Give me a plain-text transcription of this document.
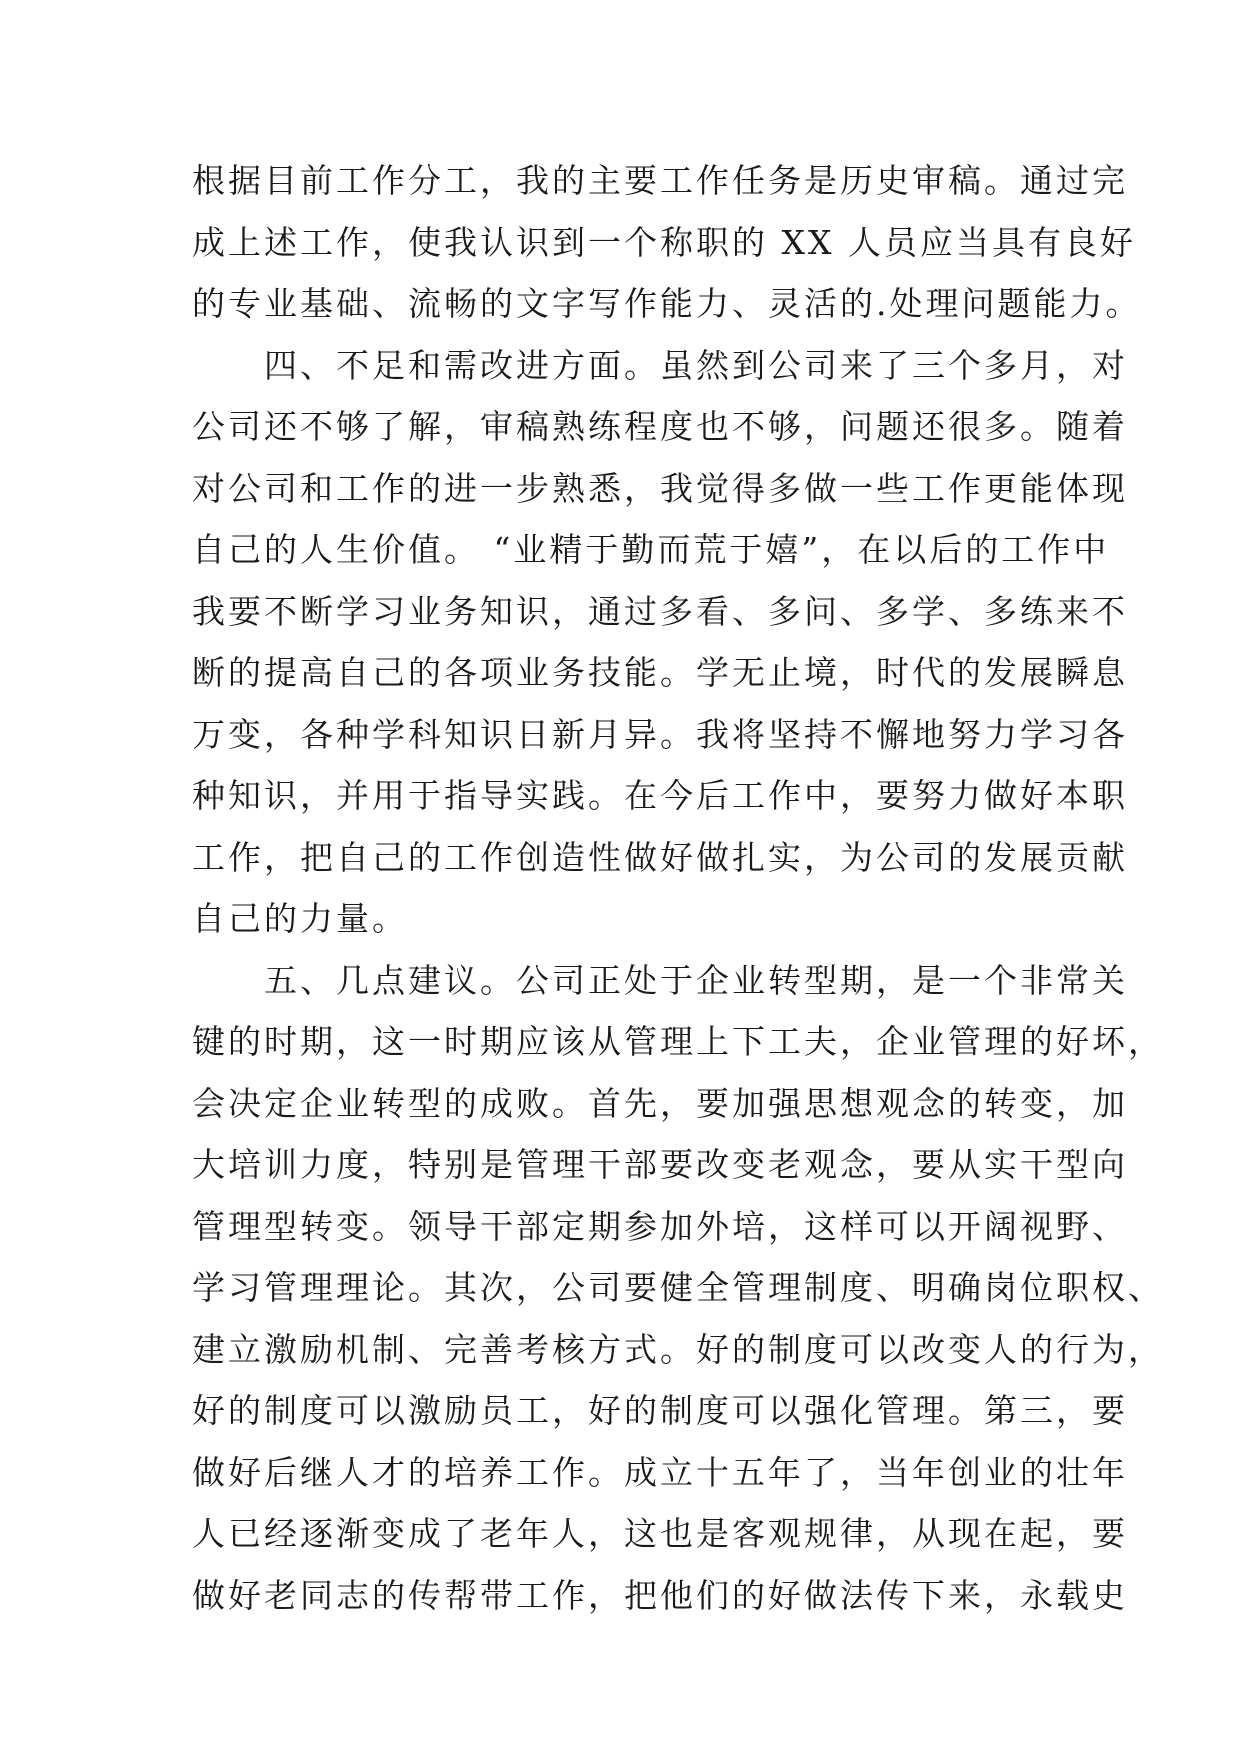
根据目前工作分工，我的主要工作任务是历史审稿。通过完
成上述工作，使我认识到一个称职的 XX 人员应当具有良好
的专业基础、流畅的文字写作能力、灵活的.处理问题能力。
　　四、不足和需改进方面。虽然到公司来了三个多月，对
公司还不够了解，审稿熟练程度也不够，问题还很多。随着
对公司和工作的进一步熟悉，我觉得多做一些工作更能体现
自己的人生价值。 “业精于勤而荒于嬉”，在以后的工作中
我要不断学习业务知识，通过多看、多问、多学、多练来不
断的提高自己的各项业务技能。学无止境，时代的发展瞬息
万变，各种学科知识日新月异。我将坚持不懈地努力学习各
种知识，并用于指导实践。在今后工作中，要努力做好本职
工作，把自己的工作创造性做好做扎实，为公司的发展贡献
自己的力量。
　　五、几点建议。公司正处于企业转型期，是一个非常关
键的时期，这一时期应该从管理上下工夫，企业管理的好坏，
会决定企业转型的成败。首先，要加强思想观念的转变，加
大培训力度，特别是管理干部要改变老观念，要从实干型向
管理型转变。领导干部定期参加外培，这样可以开阔视野、
学习管理理论。其次，公司要健全管理制度、明确岗位职权、
建立激励机制、完善考核方式。好的制度可以改变人的行为，
好的制度可以激励员工，好的制度可以强化管理。第三，要
做好后继人才的培养工作。成立十五年了，当年创业的壮年
人已经逐渐变成了老年人，这也是客观规律，从现在起，要
做好老同志的传帮带工作，把他们的好做法传下来，永载史
